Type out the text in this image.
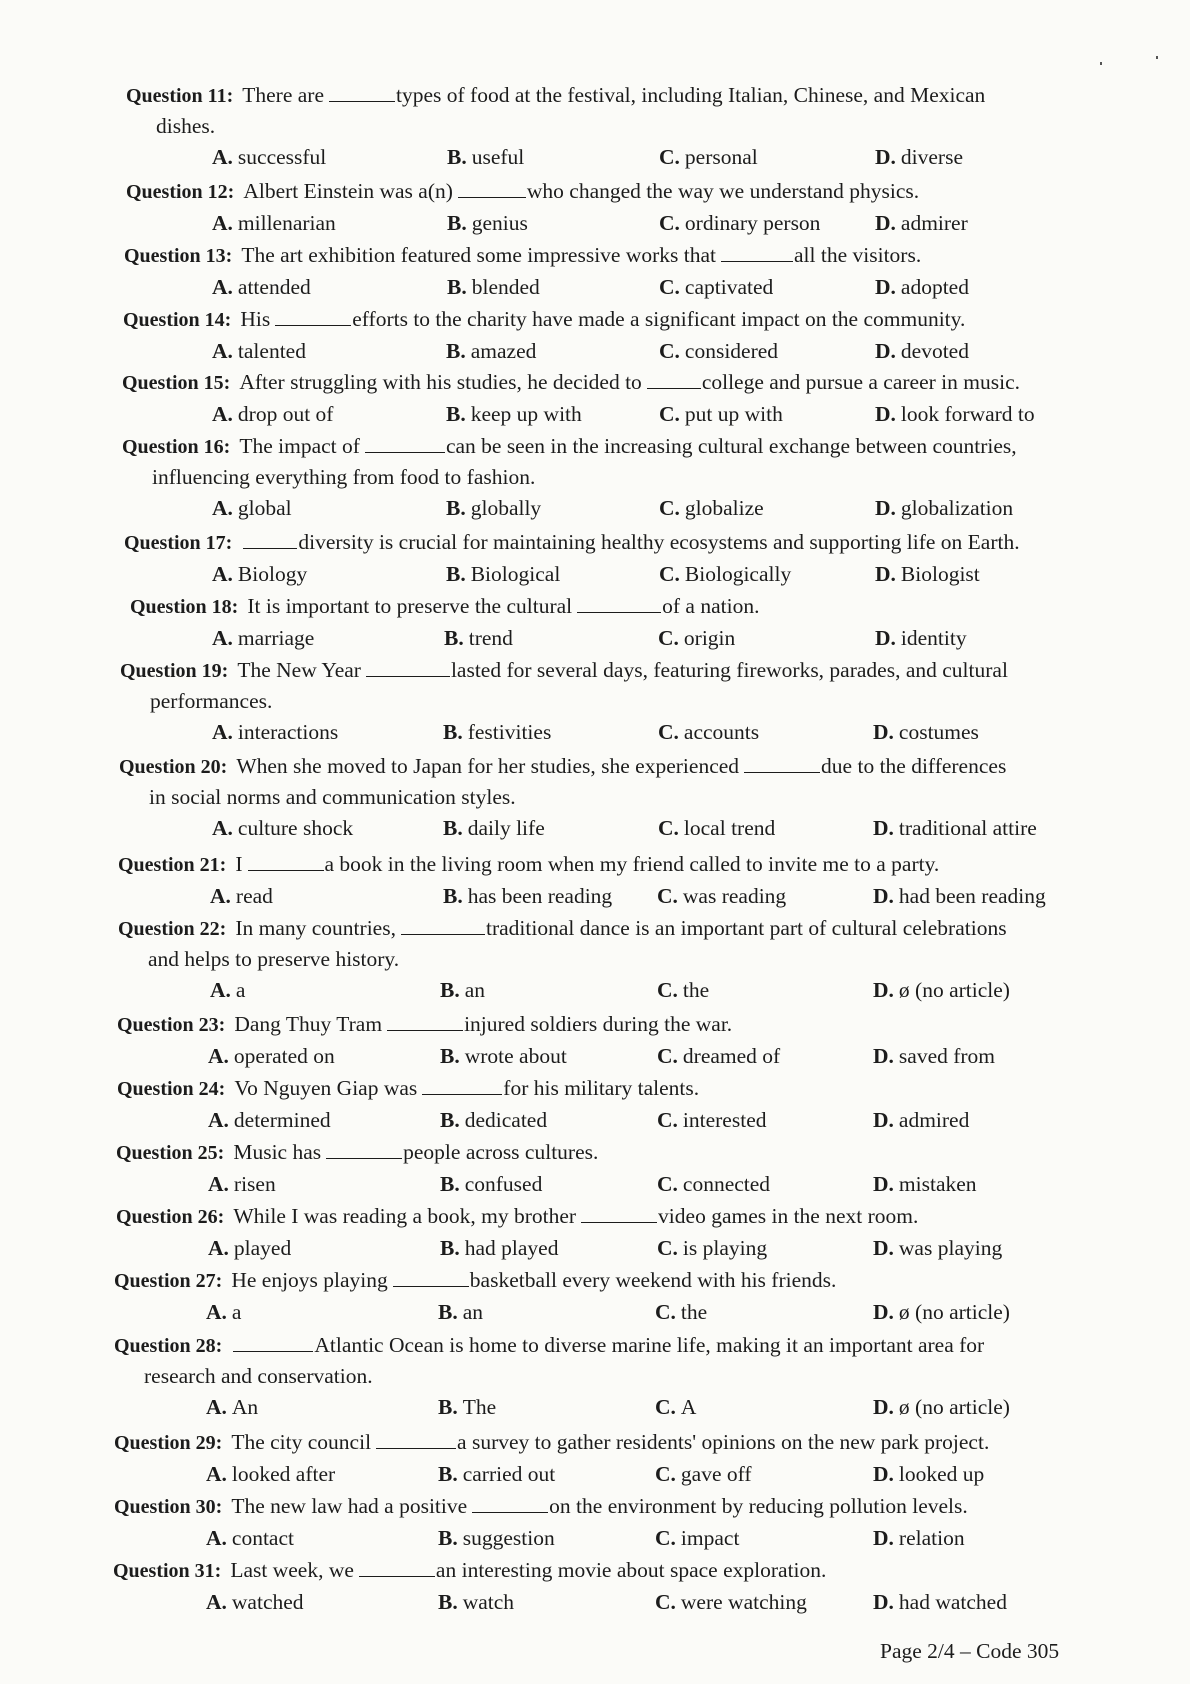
Question 11: There are	types of food at the festival, including Italian, Chinese, and Mexican
dishes.
A. successful	B. useful	C. personal	D. diverse
Question 12: Albert Einstein was a(n)	who changed the way we understand physics.
A. millenarian	B. genius	C. ordinary person	D. admirer
Question 13: The art exhibition featured some impressive works that	all the visitors.
A. attended	B. blended	C. captivated	D. adopted
Question 14: His	efforts to the charity have made a significant impact on the community.
A. talented	B. amazed	C. considered	D. devoted
Question 15: After struggling with his studies, he decided to	college and pursue a career in music.
A. drop out of	B. keep up with	C. put up with	D. look forward to
Question 16: The impact of	can be seen in the increasing cultural exchange between countries,
influencing everything from food to fashion.
A. global	B. globally	C. globalize	D. globalization
Question 17:	diversity is crucial for maintaining healthy ecosystems and supporting life on Earth.
A. Biology	B. Biological	C. Biologically	D. Biologist
Question 18: It is important to preserve the cultural	of a nation.
A. marriage	B. trend	C. origin	D. identity
Question 19: The New Year	lasted for several days, featuring fireworks, parades, and cultural
performances.
A. interactions	B. festivities	C. accounts	D. costumes
Question 20: When she moved to Japan for her studies, she experienced	due to the differences
in social norms and communication styles.
A. culture shock	B. daily life	C. local trend	D. traditional attire
Question 21: I	a book in the living room when my friend called to invite me to a party.
A. read	B. has been reading C. was reading	D. had been reading
Question 22: In many countries,	traditional dance is an important part of cultural celebrations
and helps to preserve history.
A. a	B. an	C. the	D. ø (no article)
Question 23: Dang Thuy Tram	injured soldiers during the war.
A. operated on	B. wrote about	C. dreamed of	D. saved from
Question 24: Vo Nguyen Giap was	for his military talents.
A. determined	B. dedicated	C. interested	D. admired
Question 25: Music has	people across cultures.
A. risen	B. confused	C. connected	D. mistaken
Question 26: While I was reading a book, my brother	video games in the next room.
A. played	B. had played	C. is playing	D. was playing
Question 27: He enjoys playing	basketball every weekend with his friends.
A. a	B. an	C. the	D. ø (no article)
Question 28:	Atlantic Ocean is home to diverse marine life, making it an important area for
research and conservation.
A. An	B. The	C. A	D. ø (no article)
Question 29: The city council	a survey to gather residents' opinions on the new park project.
A. looked after	B. carried out	C. gave off	D. looked up
Question 30: The new law had a positive	on the environment by reducing pollution levels.
A. contact	B. suggestion	C. impact	D. relation
Question 31: Last week, we	an interesting movie about space exploration.
A. watched	B. watch	C. were watching	D. had watched
Page 2/4 – Code 305
